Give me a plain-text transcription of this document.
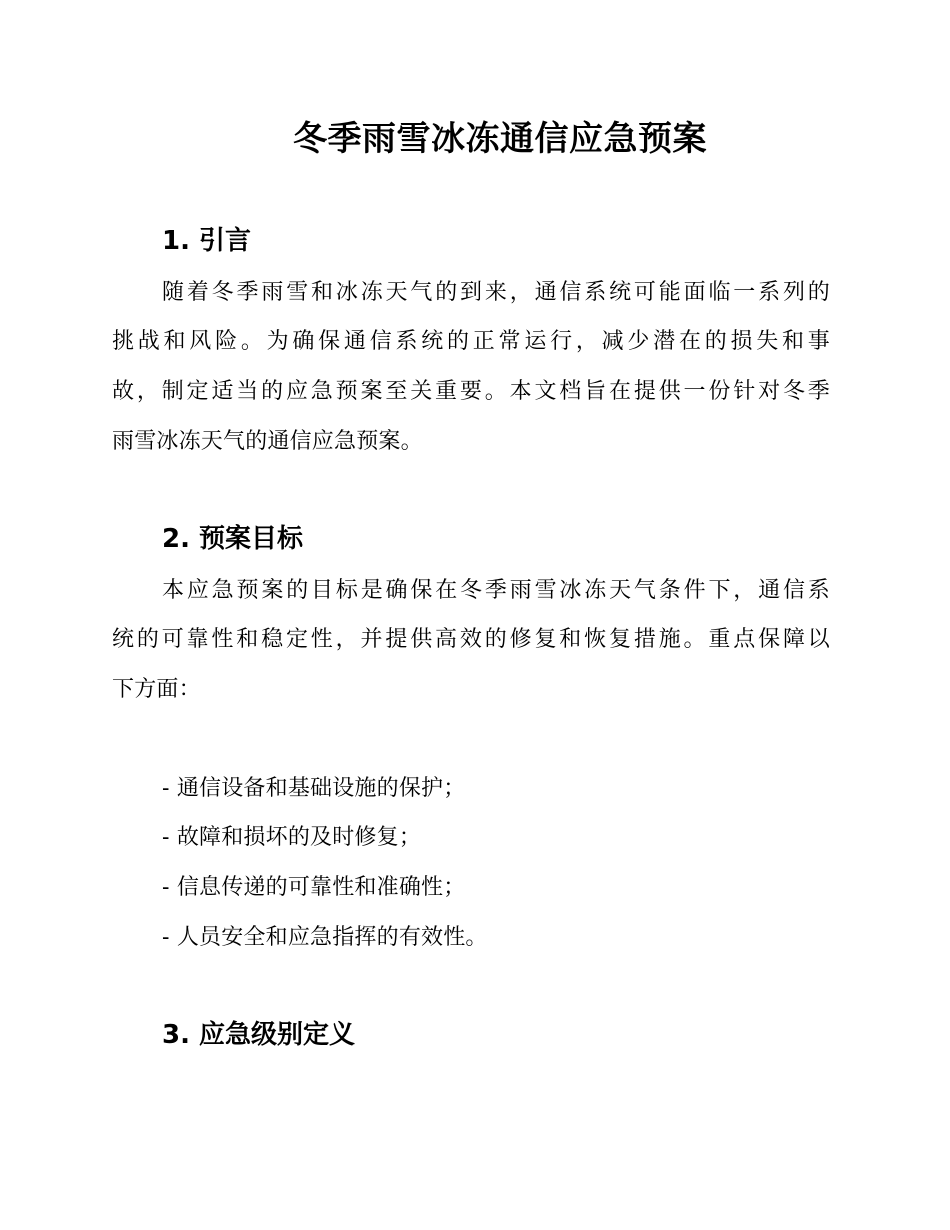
冬季雨雪冰冻通信应急预案
1. 引言

随着冬季雨雪和冰冻天气的到来，通信系统可能面临一系列的

挑战和风险。为确保通信系统的正常运行，减少潜在的损失和事

故，制定适当的应急预案至关重要。本文档旨在提供一份针对冬季

雨雪冰冻天气的通信应急预案。

2. 预案目标

本应急预案的目标是确保在冬季雨雪冰冻天气条件下，通信系

统的可靠性和稳定性，并提供高效的修复和恢复措施。重点保障以

下方面：

- 通信设备和基础设施的保护；

- 故障和损坏的及时修复；

- 信息传递的可靠性和准确性；

- 人员安全和应急指挥的有效性。

3. 应急级别定义
